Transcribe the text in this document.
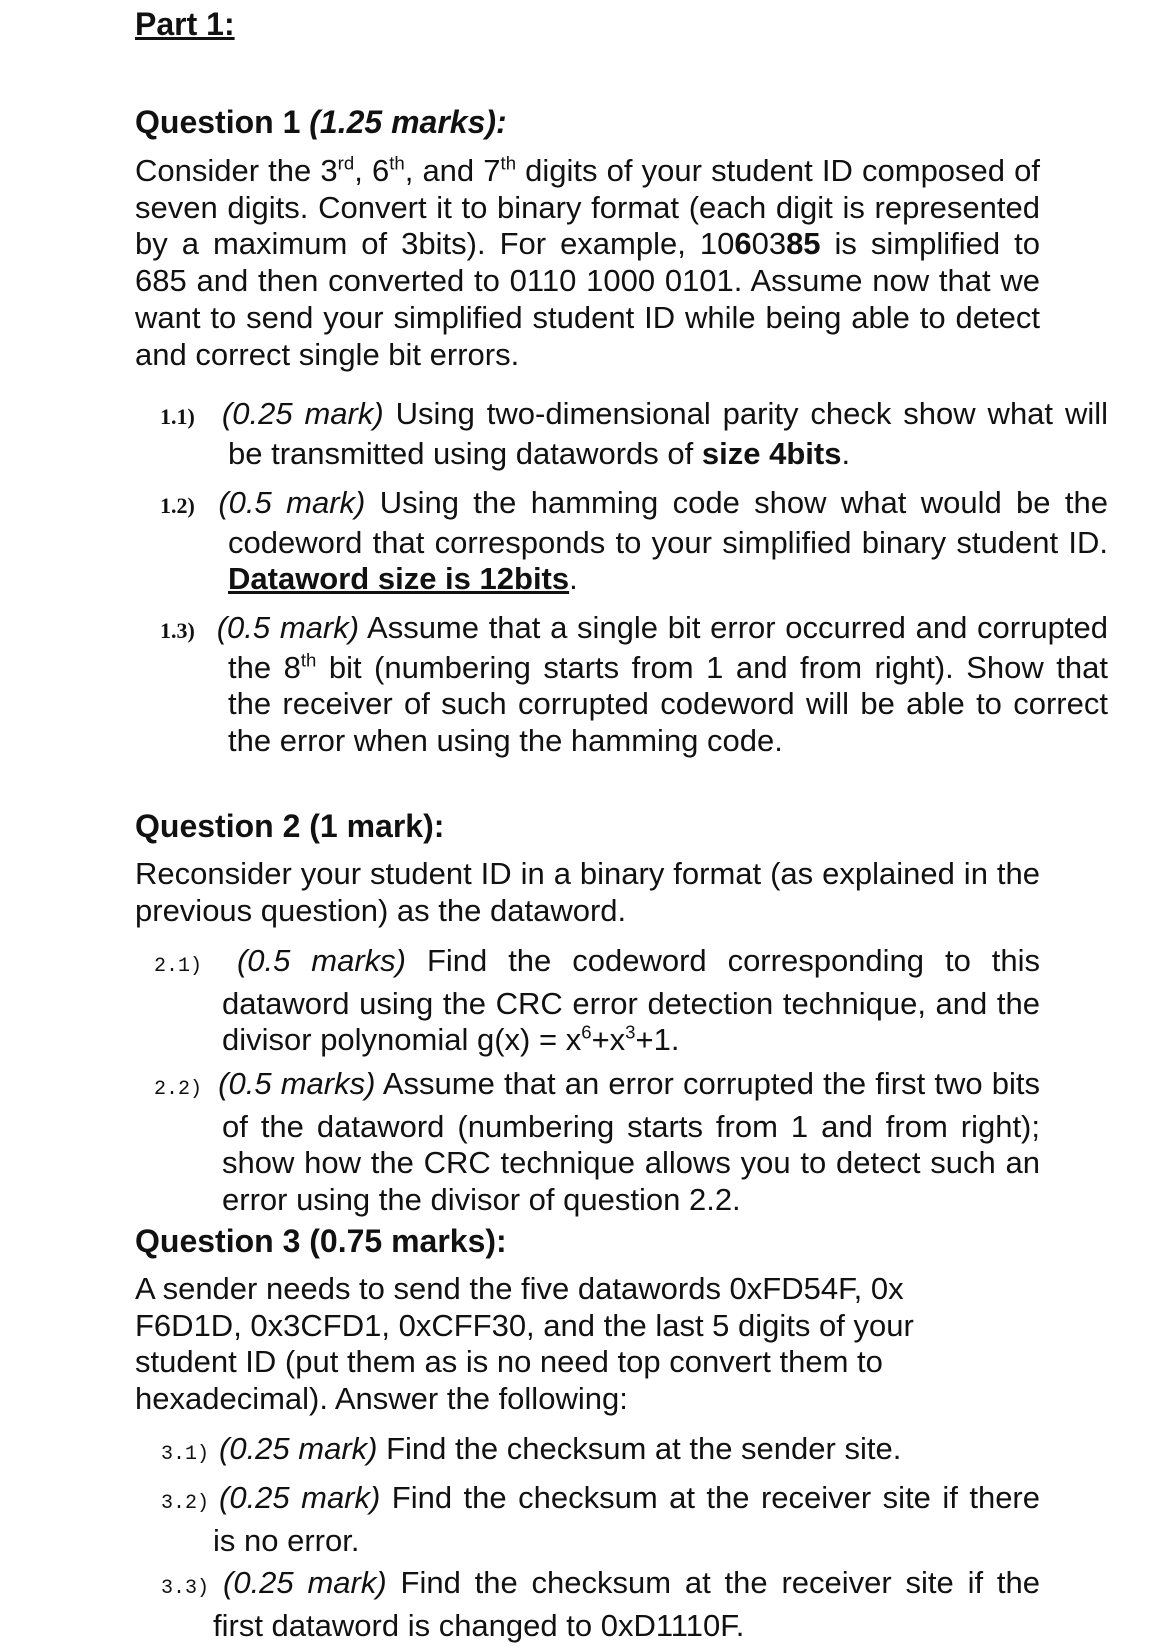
Part 1:
Question 1 (1.25 marks):

Consider the 3rd, 6th, and 7th digits of your student ID composed of seven digits. Convert it to binary format (each digit is represented by a maximum of 3bits). For example, 1060385 is simplified to 685 and then converted to 0110 1000 0101. Assume now that we want to send your simplified student ID while being able to detect and correct single bit errors.

1.1) (0.25 mark) Using two-dimensional parity check show what will be transmitted using datawords of size 4bits.

1.2) (0.5 mark) Using the hamming code show what would be the codeword that corresponds to your simplified binary student ID. Dataword size is 12bits.

1.3) (0.5 mark) Assume that a single bit error occurred and corrupted the 8th bit (numbering starts from 1 and from right). Show that the receiver of such corrupted codeword will be able to correct the error when using the hamming code.

Question 2 (1 mark):

Reconsider your student ID in a binary format (as explained in the previous question) as the dataword.

2.1) (0.5 marks) Find the codeword corresponding to this dataword using the CRC error detection technique, and the divisor polynomial $g(x) = x^6+x^3+1$.

2.2) (0.5 marks) Assume that an error corrupted the first two bits of the dataword (numbering starts from 1 and from right); show how the CRC technique allows you to detect such an error using the divisor of question 2.2.

Question 3 (0.75 marks):

A sender needs to send the five datawords 0xFD54F, 0x
F6D1D, 0x3CFD1, 0xCFF30, and the last 5 digits of your
student ID (put them as is no need top convert them to
hexadecimal). Answer the following:

3.1) (0.25 mark) Find the checksum at the sender site.

3.2) (0.25 mark) Find the checksum at the receiver site if there is no error.

3.3) (0.25 mark) Find the checksum at the receiver site if the first dataword is changed to 0xD1110F.
